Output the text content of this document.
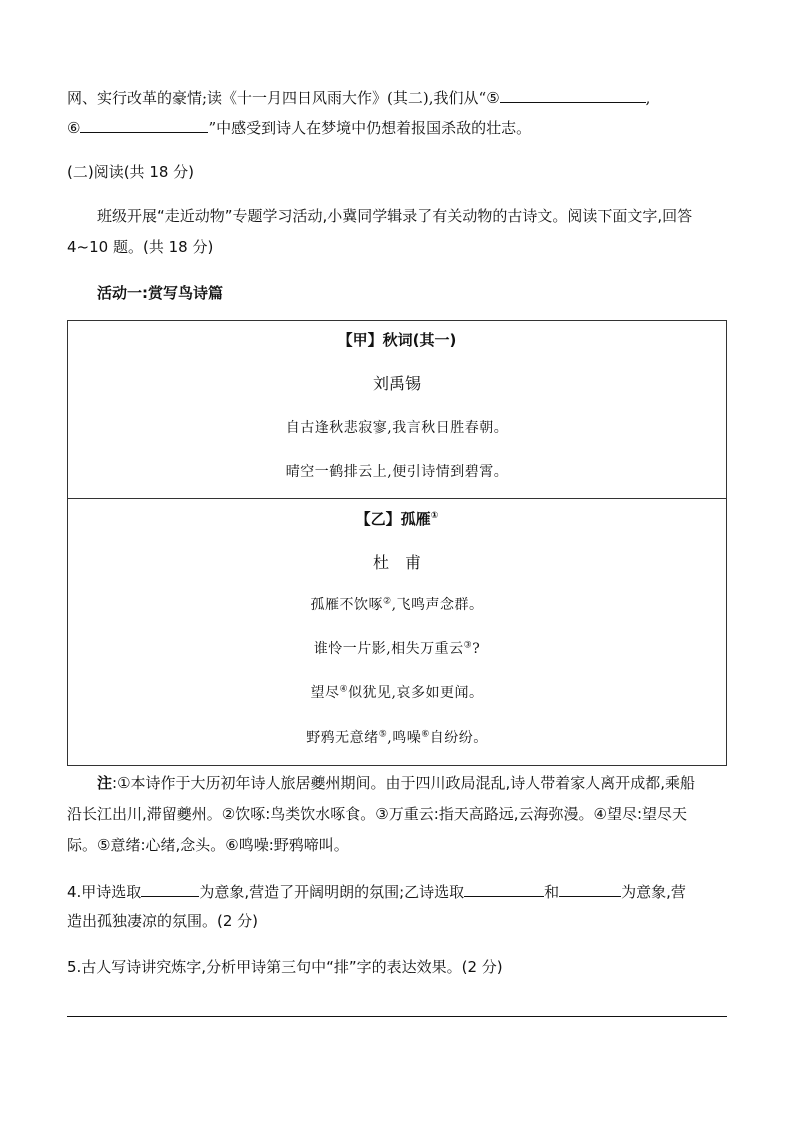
网、实行改革的豪情;读《十一月四日风雨大作》(其二),我们从“⑤	,
⑥	”中感受到诗人在梦境中仍想着报国杀敌的壮志。
(二)阅读(共 18 分)
班级开展“走近动物”专题学习活动,小冀同学辑录了有关动物的古诗文。阅读下面文字,回答
4~10 题。(共 18 分)
活动一:赏写鸟诗篇
【甲】秋词(其一)
刘禹锡
自古逢秋悲寂寥,我言秋日胜春朝。
晴空一鹤排云上,便引诗情到碧霄。
【乙】孤雁①
杜　甫
孤雁不饮啄②,飞鸣声念群。
谁怜一片影,相失万重云③?
望尽④似犹见,哀多如更闻。
野鸦无意绪⑤,鸣噪⑥自纷纷。
注:①本诗作于大历初年诗人旅居夔州期间。由于四川政局混乱,诗人带着家人离开成都,乘船
沿长江出川,滞留夔州。②饮啄:鸟类饮水啄食。③万重云:指天高路远,云海弥漫。④望尽:望尽天
际。⑤意绪:心绪,念头。⑥鸣噪:野鸦啼叫。
4.甲诗选取	为意象,营造了开阔明朗的氛围;乙诗选取	和	为意象,营
造出孤独凄凉的氛围。(2 分)
5.古人写诗讲究炼字,分析甲诗第三句中“排”字的表达效果。(2 分)
